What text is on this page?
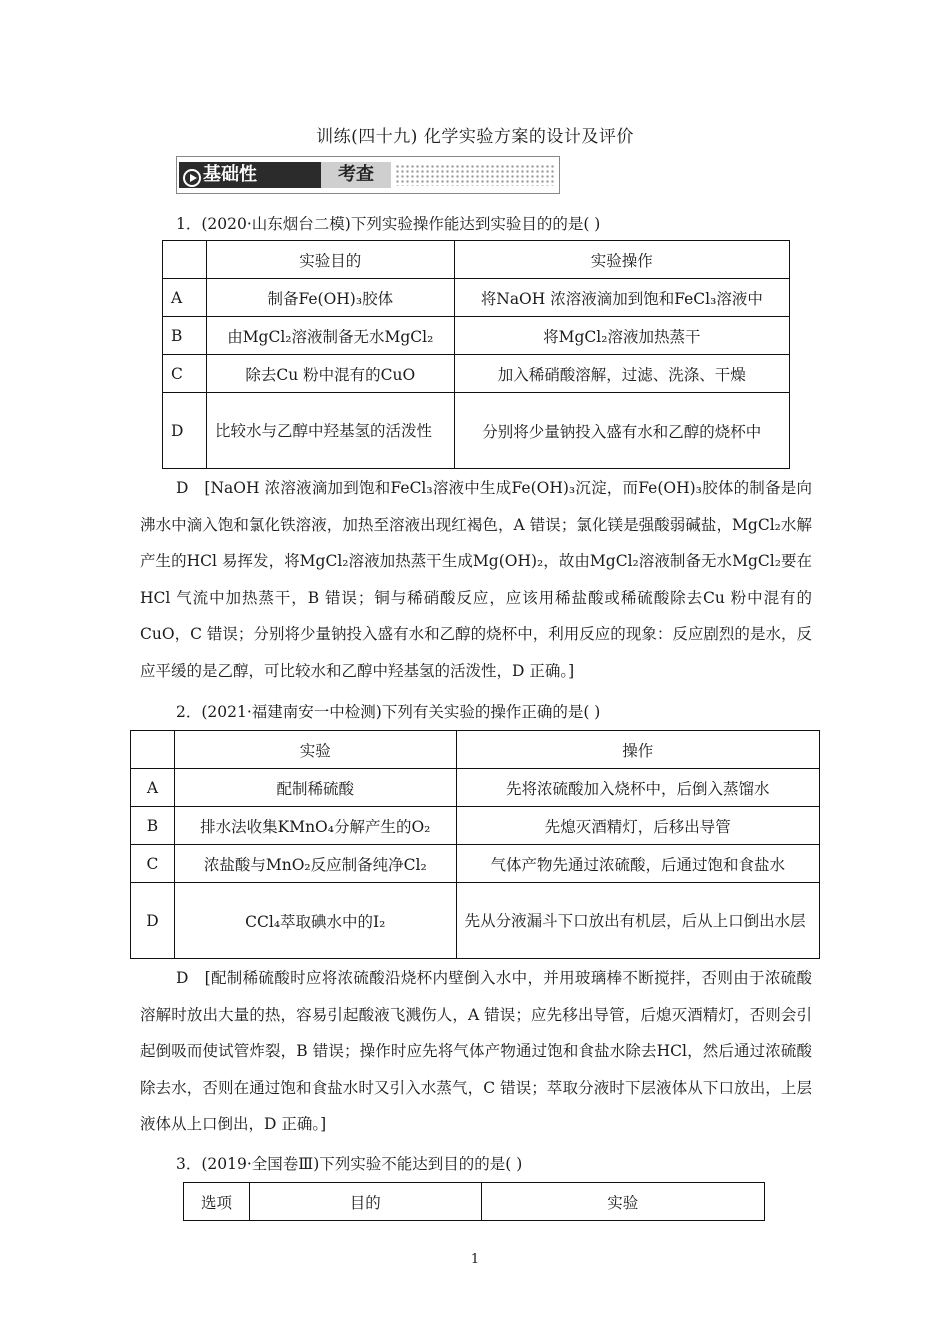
训练(四十九) 化学实验方案的设计及评价
基础性	考查
1．(2020·山东烟台二模)下列实验操作能达到实验目的的是( )
	实验目的	实验操作
A	制备Fe(OH)₃胶体	将NaOH 浓溶液滴加到饱和FeCl₃溶液中
B	由MgCl₂溶液制备无水MgCl₂	将MgCl₂溶液加热蒸干
C	除去Cu 粉中混有的CuO	加入稀硝酸溶解，过滤、洗涤、干燥
D	比较水与乙醇中羟基氢的活泼性	分别将少量钠投入盛有水和乙醇的烧杯中

D　[NaOH 浓溶液滴加到饱和FeCl₃溶液中生成Fe(OH)₃沉淀，而Fe(OH)₃胶体的制备是向沸水中滴入饱和氯化铁溶液，加热至溶液出现红褐色，A 错误；氯化镁是强酸弱碱盐，MgCl₂水解产生的HCl 易挥发，将MgCl₂溶液加热蒸干生成Mg(OH)₂，故由MgCl₂溶液制备无水MgCl₂要在HCl 气流中加热蒸干，B 错误；铜与稀硝酸反应，应该用稀盐酸或稀硫酸除去Cu 粉中混有的CuO，C 错误；分别将少量钠投入盛有水和乙醇的烧杯中，利用反应的现象：反应剧烈的是水，反应平缓的是乙醇，可比较水和乙醇中羟基氢的活泼性，D 正确。]

2．(2021·福建南安一中检测)下列有关实验的操作正确的是( )
	实验	操作
A	配制稀硫酸	先将浓硫酸加入烧杯中，后倒入蒸馏水
B	排水法收集KMnO₄分解产生的O₂	先熄灭酒精灯，后移出导管
C	浓盐酸与MnO₂反应制备纯净Cl₂	气体产物先通过浓硫酸，后通过饱和食盐水
D	CCl₄萃取碘水中的I₂	先从分液漏斗下口放出有机层，后从上口倒出水层

D　[配制稀硫酸时应将浓硫酸沿烧杯内壁倒入水中，并用玻璃棒不断搅拌，否则由于浓硫酸溶解时放出大量的热，容易引起酸液飞溅伤人，A 错误；应先移出导管，后熄灭酒精灯，否则会引起倒吸而使试管炸裂，B 错误；操作时应先将气体产物通过饱和食盐水除去HCl，然后通过浓硫酸除去水，否则在通过饱和食盐水时又引入水蒸气，C 错误；萃取分液时下层液体从下口放出，上层液体从上口倒出，D 正确。]

3．(2019·全国卷Ⅲ)下列实验不能达到目的的是( )
选项	目的	实验
1
